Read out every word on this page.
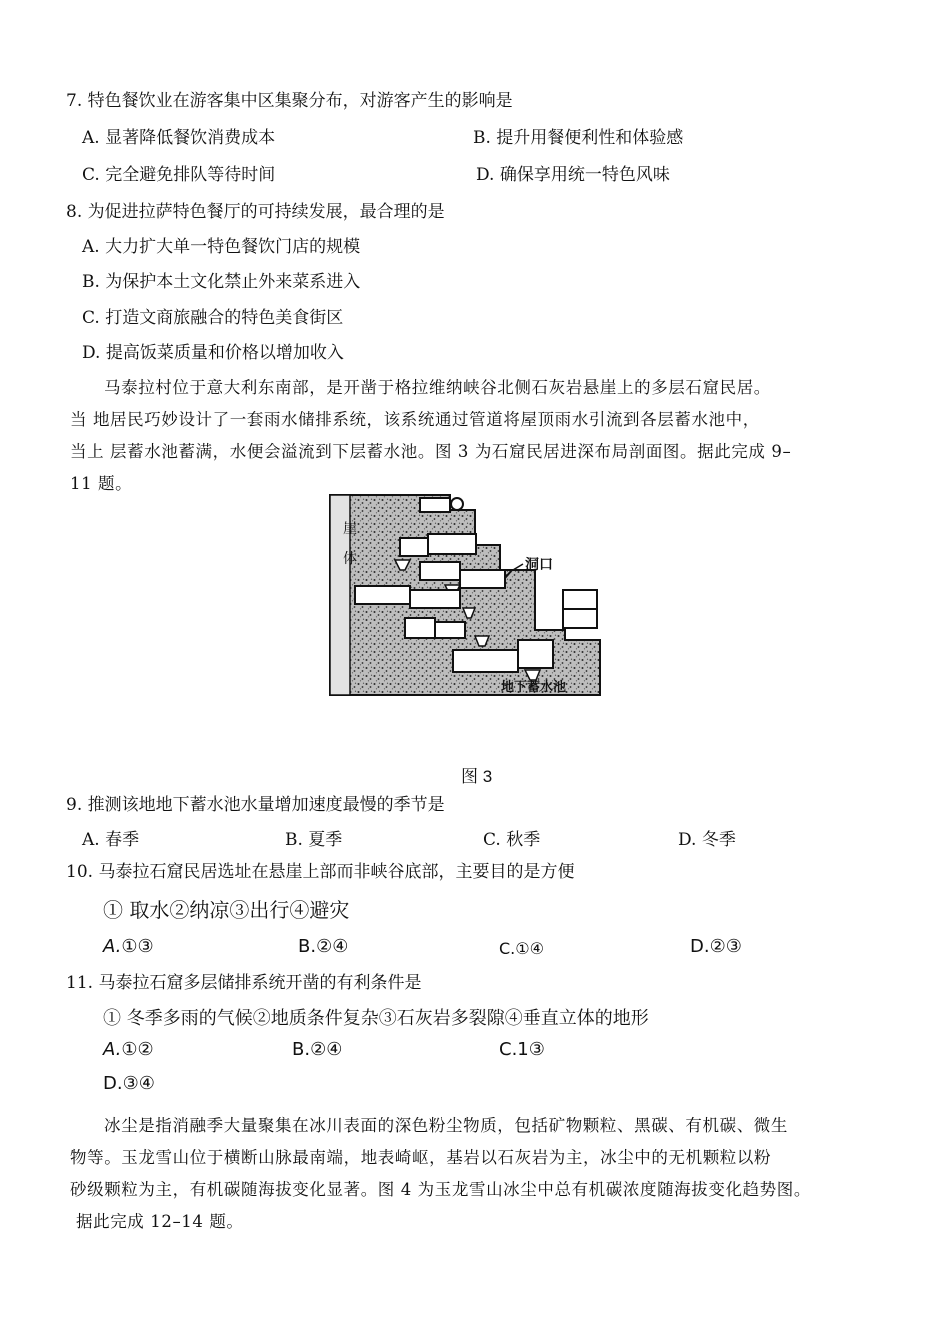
7. 特色餐饮业在游客集中区集聚分布，对游客产生的影响是
A. 显著降低餐饮消费成本	B. 提升用餐便利性和体验感
C. 完全避免排队等待时间	D. 确保享用统一特色风味
8. 为促进拉萨特色餐厅的可持续发展，最合理的是
A. 大力扩大单一特色餐饮门店的规模
B. 为保护本土文化禁止外来菜系进入
C. 打造文商旅融合的特色美食街区
D. 提高饭菜质量和价格以增加收入
马泰拉村位于意大利东南部，是开凿于格拉维纳峡谷北侧石灰岩悬崖上的多层石窟民居。
当 地居民巧妙设计了一套雨水储排系统，该系统通过管道将屋顶雨水引流到各层蓄水池中，
当上 层蓄水池蓄满，水便会溢流到下层蓄水池。图 3 为石窟民居进深布局剖面图。据此完成 9–
11 题。
崖
体	洞口
地下蓄水池
图 3
9. 推测该地地下蓄水池水量增加速度最慢的季节是
A. 春季	B. 夏季	C. 秋季	D. 冬季
10. 马泰拉石窟民居选址在悬崖上部而非峡谷底部，主要目的是方便
① 取水②纳凉③出行④避灾
A.①③	B.②④	C.①④	D.②③
11. 马泰拉石窟多层储排系统开凿的有利条件是
① 冬季多雨的气候②地质条件复杂③石灰岩多裂隙④垂直立体的地形
A.①②	B.②④	C.1③
D.③④
冰尘是指消融季大量聚集在冰川表面的深色粉尘物质，包括矿物颗粒、黑碳、有机碳、微生
物等。玉龙雪山位于横断山脉最南端，地表崎岖，基岩以石灰岩为主，冰尘中的无机颗粒以粉
砂级颗粒为主，有机碳随海拔变化显著。图 4 为玉龙雪山冰尘中总有机碳浓度随海拔变化趋势图。
据此完成 12–14 题。
